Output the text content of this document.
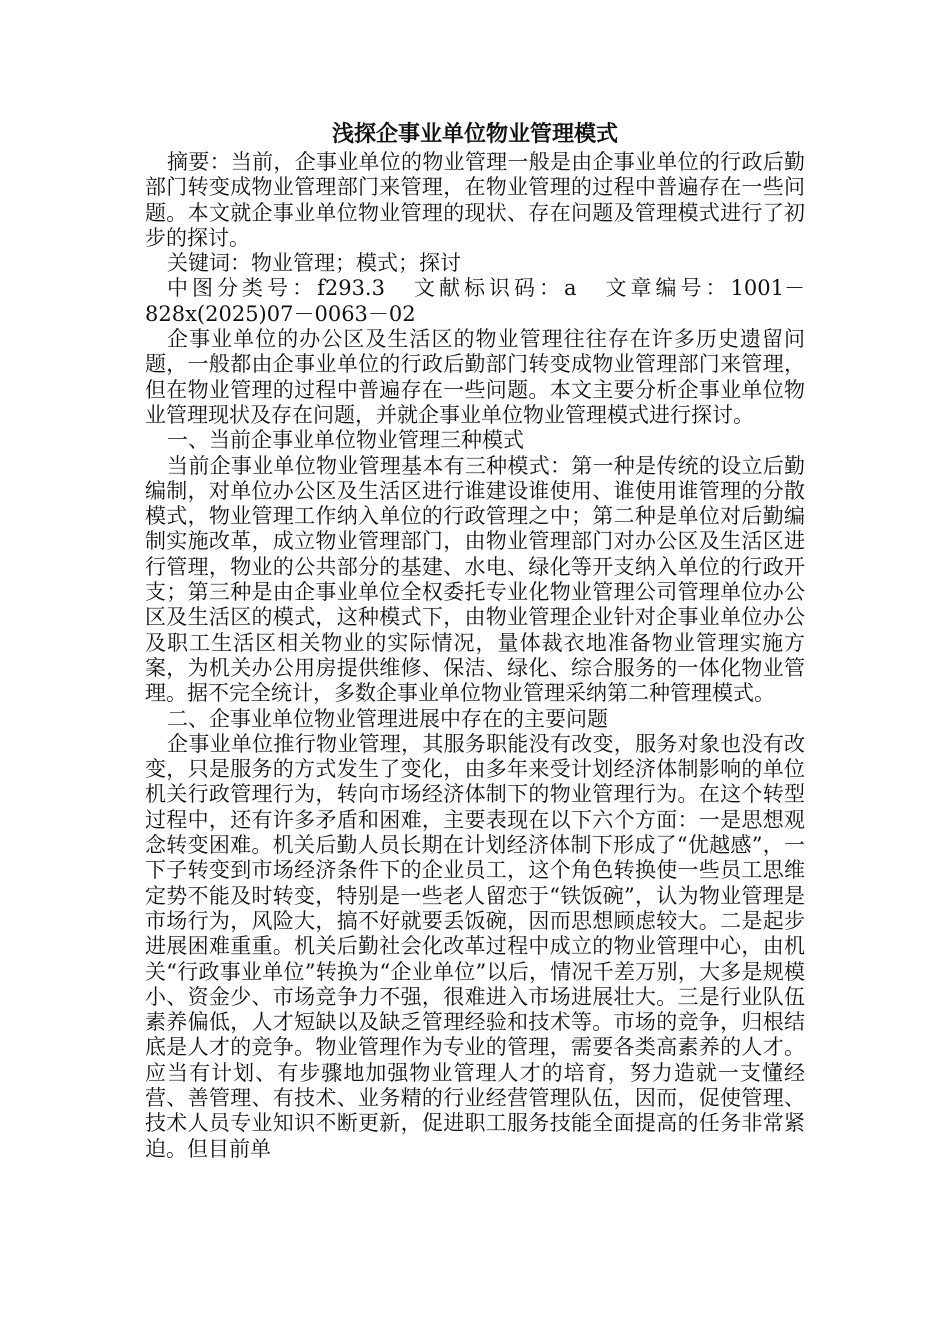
浅探企事业单位物业管理模式

摘要：当前，企事业单位的物业管理一般是由企事业单位的行政后勤部门转变成物业管理部门来管理，在物业管理的过程中普遍存在一些问题。本文就企事业单位物业管理的现状、存在问题及管理模式进行了初步的探讨。

关键词：物业管理；模式；探讨

中图分类号：f293.3　文献标识码：a　文章编号：1001－828x(2025)07－0063－02

企事业单位的办公区及生活区的物业管理往往存在许多历史遗留问题，一般都由企事业单位的行政后勤部门转变成物业管理部门来管理，但在物业管理的过程中普遍存在一些问题。本文主要分析企事业单位物业管理现状及存在问题，并就企事业单位物业管理模式进行探讨。

一、当前企事业单位物业管理三种模式

当前企事业单位物业管理基本有三种模式：第一种是传统的设立后勤编制，对单位办公区及生活区进行谁建设谁使用、谁使用谁管理的分散模式，物业管理工作纳入单位的行政管理之中；第二种是单位对后勤编制实施改革，成立物业管理部门，由物业管理部门对办公区及生活区进行管理，物业的公共部分的基建、水电、绿化等开支纳入单位的行政开支；第三种是由企事业单位全权委托专业化物业管理公司管理单位办公区及生活区的模式，这种模式下，由物业管理企业针对企事业单位办公及职工生活区相关物业的实际情况，量体裁衣地准备物业管理实施方案，为机关办公用房提供维修、保洁、绿化、综合服务的一体化物业管理。据不完全统计，多数企事业单位物业管理采纳第二种管理模式。

二、企事业单位物业管理进展中存在的主要问题

企事业单位推行物业管理，其服务职能没有改变，服务对象也没有改变，只是服务的方式发生了变化，由多年来受计划经济体制影响的单位机关行政管理行为，转向市场经济体制下的物业管理行为。在这个转型过程中，还有许多矛盾和困难，主要表现在以下六个方面：一是思想观念转变困难。机关后勤人员长期在计划经济体制下形成了“优越感”，一下子转变到市场经济条件下的企业员工，这个角色转换使一些员工思维定势不能及时转变，特别是一些老人留恋于“铁饭碗”，认为物业管理是市场行为，风险大，搞不好就要丢饭碗，因而思想顾虑较大。二是起步进展困难重重。机关后勤社会化改革过程中成立的物业管理中心，由机关“行政事业单位”转换为“企业单位”以后，情况千差万别，大多是规模小、资金少、市场竞争力不强，很难进入市场进展壮大。三是行业队伍素养偏低，人才短缺以及缺乏管理经验和技术等。市场的竞争，归根结底是人才的竞争。物业管理作为专业的管理，需要各类高素养的人才。应当有计划、有步骤地加强物业管理人才的培育，努力造就一支懂经营、善管理、有技术、业务精的行业经营管理队伍，因而，促使管理、技术人员专业知识不断更新，促进职工服务技能全面提高的任务非常紧迫。但目前单
